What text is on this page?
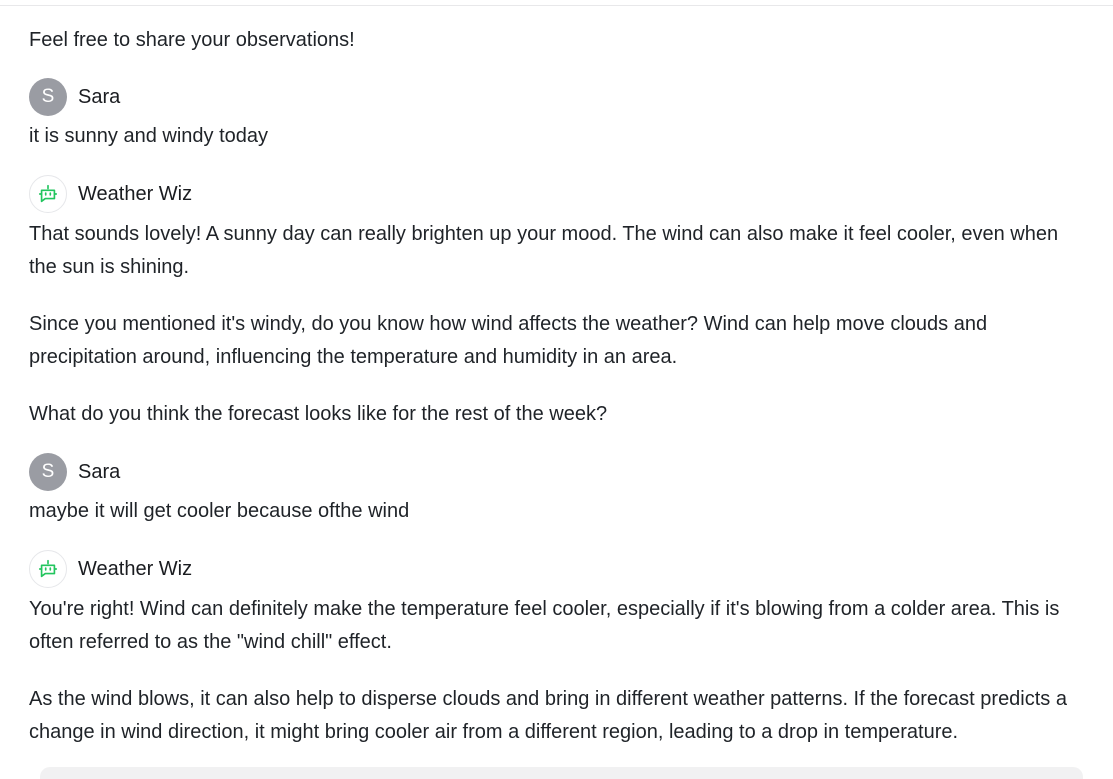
Feel free to share your observations!
S Sara

it is sunny and windy today

Weather Wiz

That sounds lovely! A sunny day can really brighten up your mood. The wind can also make it feel cooler, even when the sun is shining.

Since you mentioned it's windy, do you know how wind affects the weather? Wind can help move clouds and precipitation around, influencing the temperature and humidity in an area.

What do you think the forecast looks like for the rest of the week?

S Sara

maybe it will get cooler because ofthe wind

Weather Wiz

You're right! Wind can definitely make the temperature feel cooler, especially if it's blowing from a colder area. This is often referred to as the "wind chill" effect.

As the wind blows, it can also help to disperse clouds and bring in different weather patterns. If the forecast predicts a change in wind direction, it might bring cooler air from a different region, leading to a drop in temperature.
